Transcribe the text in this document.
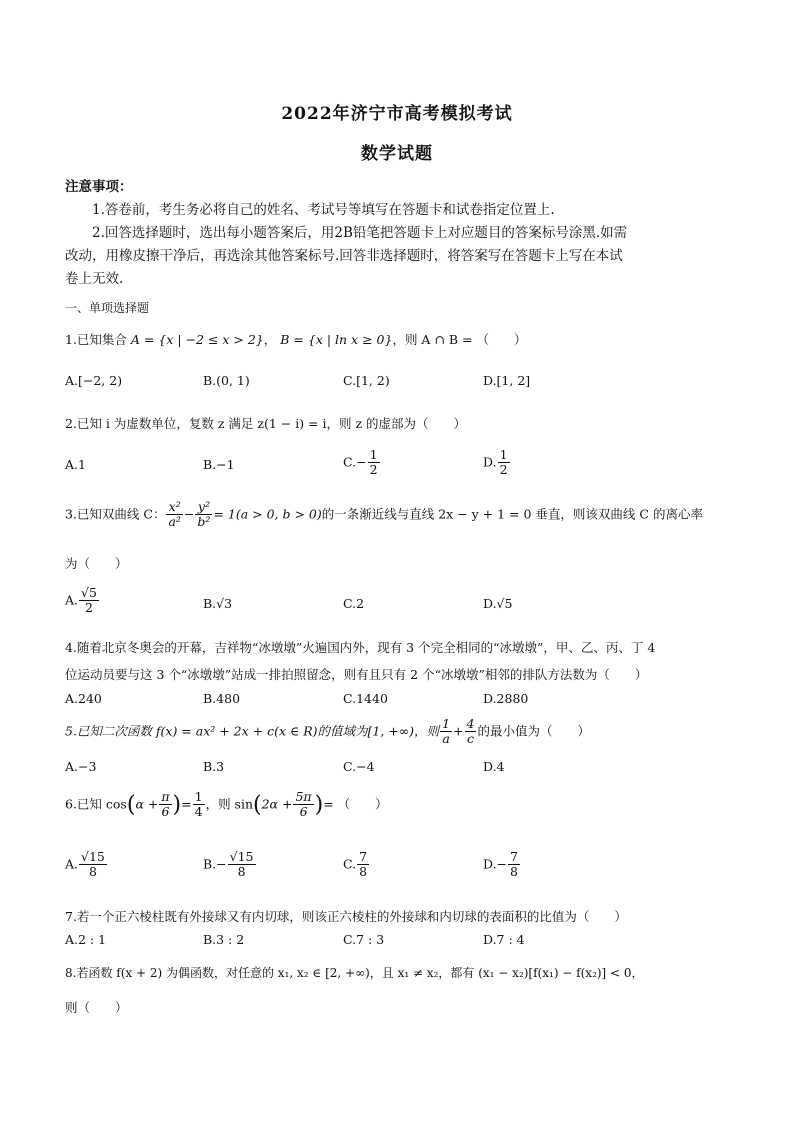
2022年济宁市高考模拟考试
数学试题
注意事项：
1.答卷前，考生务必将自己的姓名、考试号等填写在答题卡和试卷指定位置上.
2.回答选择题时，选出每小题答案后，用2B铅笔把答题卡上对应题目的答案标号涂黑.如需
改动，用橡皮擦干净后，再选涂其他答案标号.回答非选择题时，将答案写在答题卡上写在本试
卷上无效.
一、单项选择题
1.已知集合 A = {x | −2 ≤ x > 2}， B = {x | ln x ≥ 0}，则 A ∩ B = （　　）
A.[−2, 2)	B.(0, 1)	C.[1, 2)	D.[1, 2]
2.已知 i 为虚数单位，复数 z 满足 z(1 − i) = i，则 z 的虚部为（　　）
A.1	B.−1	$C.- \frac{1}{2}$	D. $\frac{1}{2}$
3.已知双曲线 C： $\frac{\text{x²}}{\text{a²}} - \frac{\text{y²}}{\text{b²}} = 1(a > 0$, b > 0)的一条渐近线与直线 2x − y + 1 = 0 垂直，则该双曲线 C 的离心率
为（　　）
A. $\frac{√5}{2}$	B.√3	C.2	D.√5
4.随着北京冬奥会的开幕，吉祥物“冰墩墩”火遍国内外，现有 3 个完全相同的“冰墩墩”，甲、乙、丙、丁 4
位运动员要与这 3 个“冰墩墩”站成一排拍照留念，则有且只有 2 个“冰墩墩”相邻的排队方法数为（　　）
A.240	B.480	C.1440	D.2880
5.已知二次函数 f(x) = ax² + 2x + c(x ∈ R)的值域为[1, +∞)，则 $\frac{1}{a} + \frac{4}{c}$ 的最小值为（　　）
A.−3	B.3	C.−4	D.4
6.已知 $\cos(\alpha + \frac{\pi}{6}$ )= $\frac{1}{4}$ ，则 $\sin(2\alpha + \frac{5\pi}{6}$ )= （　　）
A. $\frac{√15}{8}$	$B.- \frac{√15}{8}$	C. $\frac{7}{8}$	$D.- \frac{7}{8}$
7.若一个正六棱柱既有外接球又有内切球，则该正六棱柱的外接球和内切球的表面积的比值为（　　）
A.2 : 1	B.3 : 2	C.7 : 3	D.7 : 4
8.若函数 f(x + 2) 为偶函数，对任意的 x₁, x₂ ∈ [2, +∞)，且 x₁ ≠ x₂，都有 (x₁ − x₂)[f(x₁) − f(x₂)] < 0，
则（　　）
